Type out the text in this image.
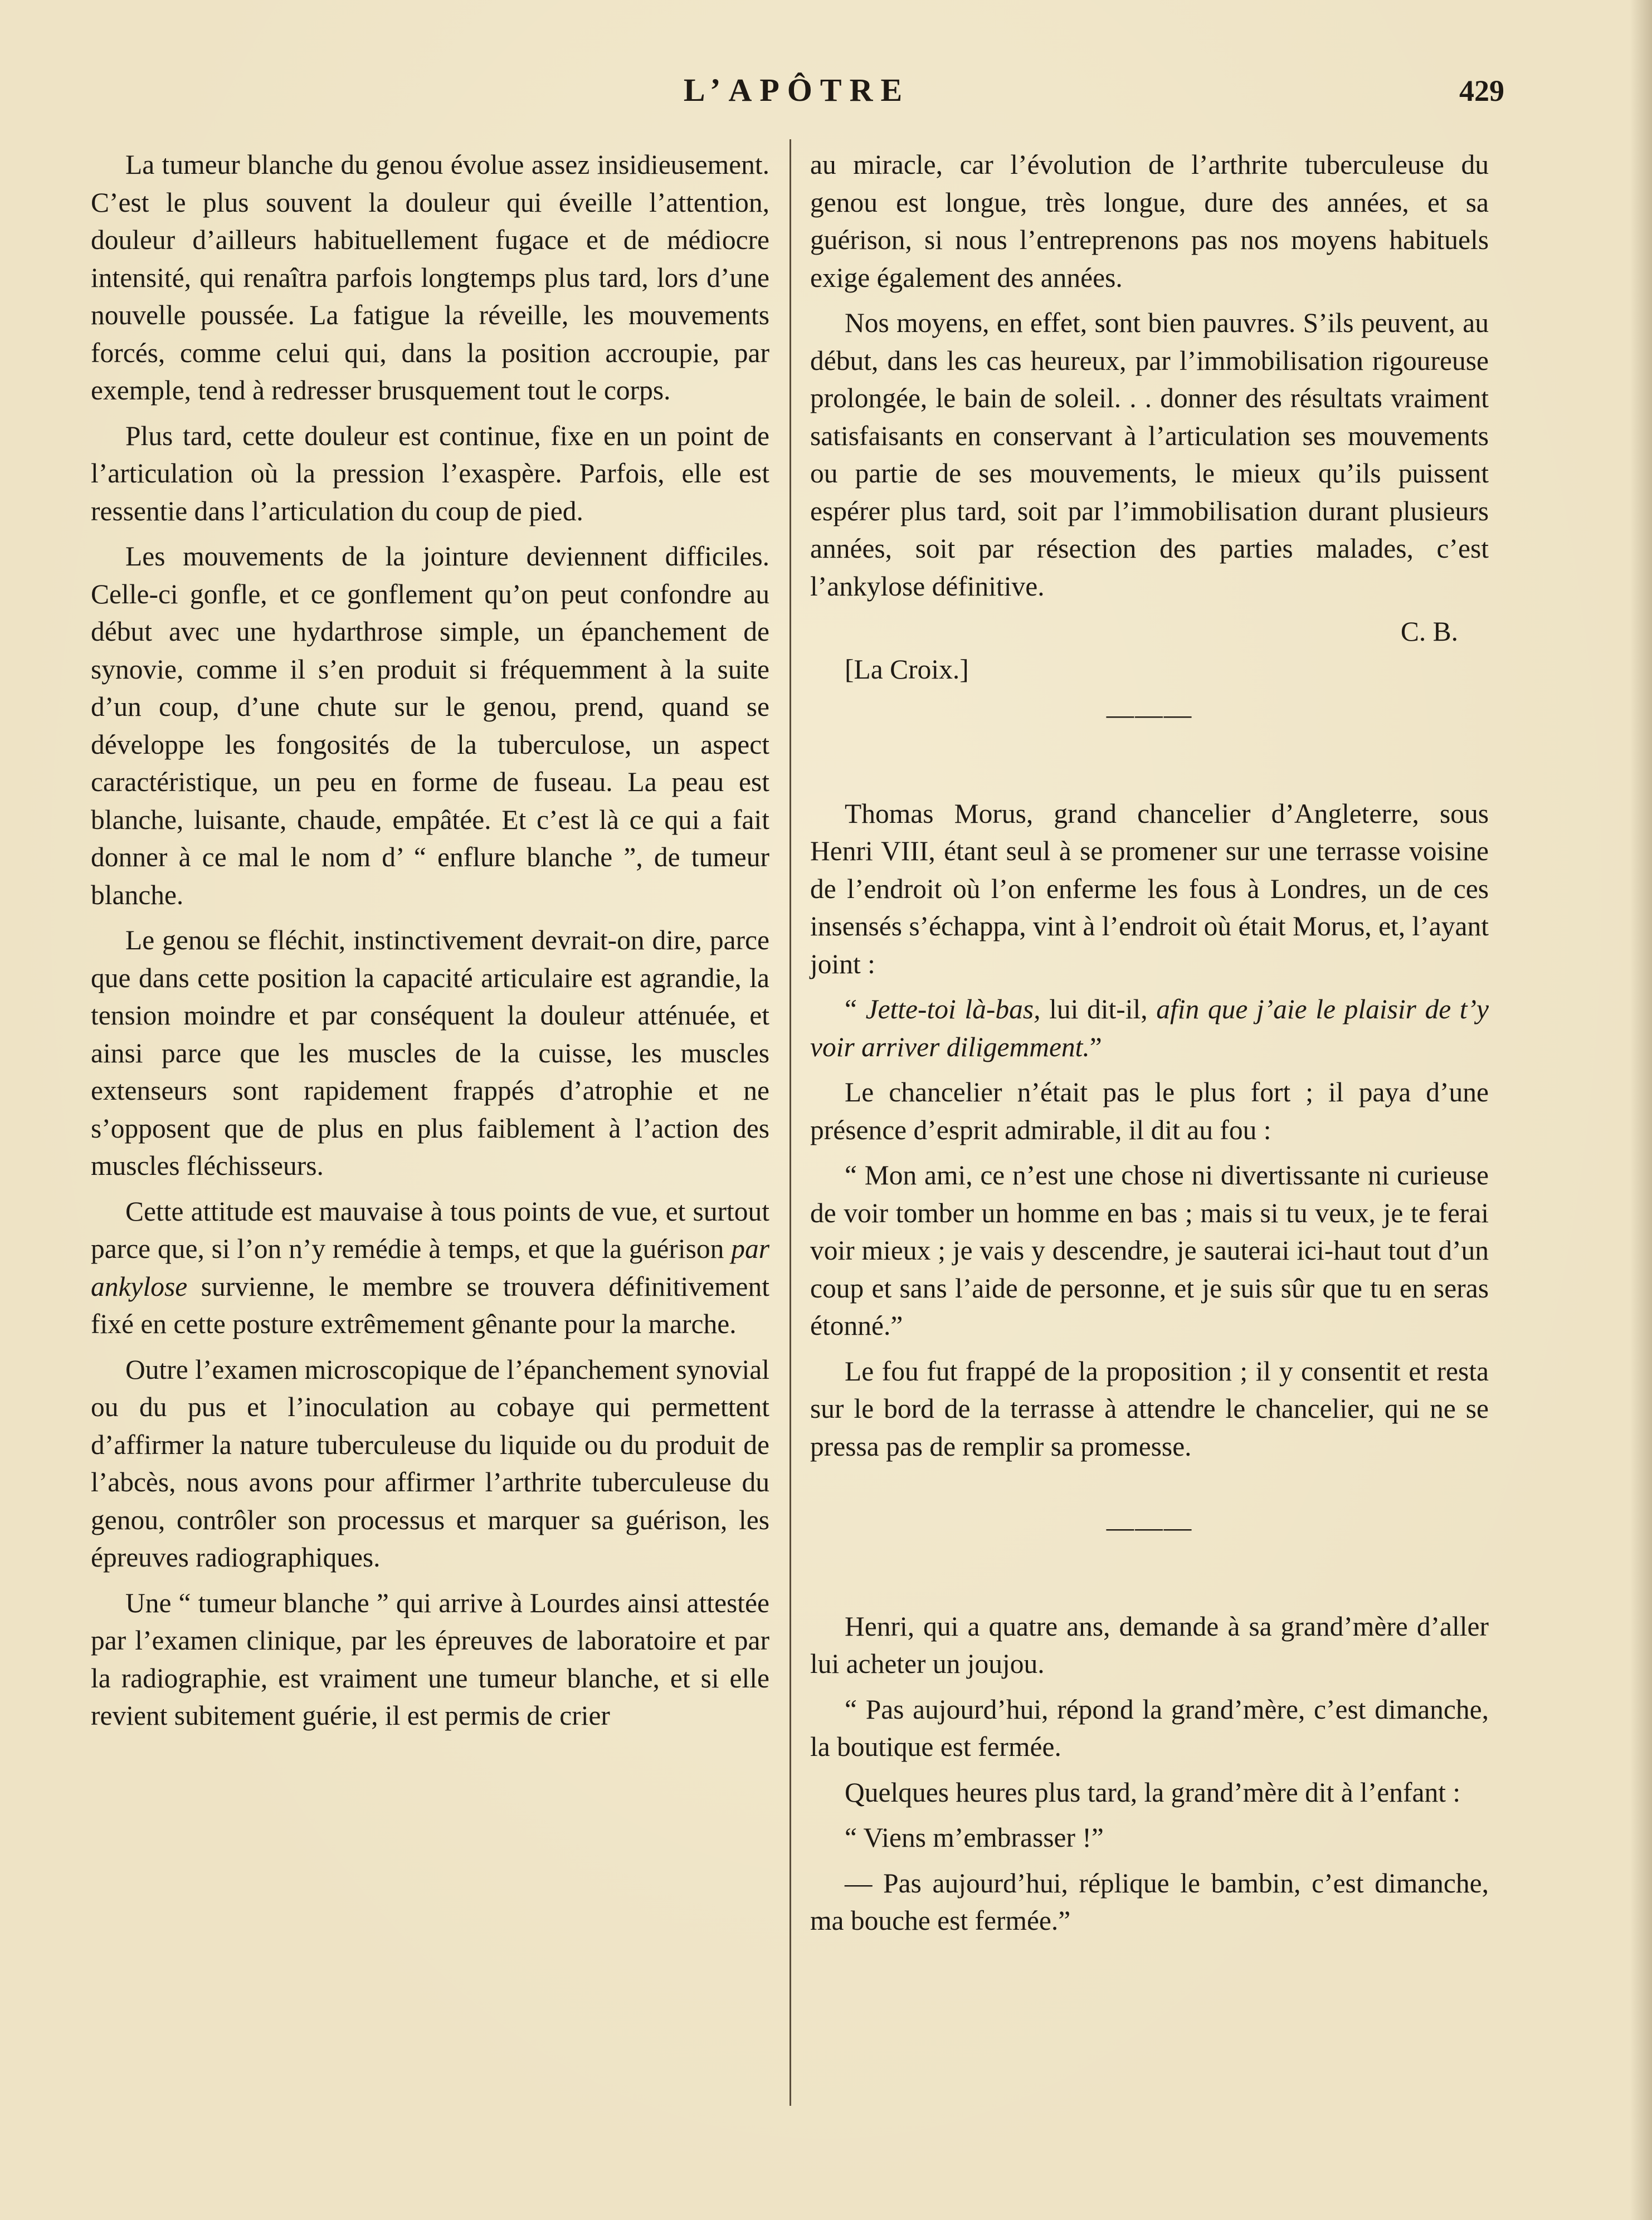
L’APÔTRE	429

La tumeur blanche du genou évolue assez insidieusement. C’est le plus souvent la douleur qui éveille l’attention, douleur d’ailleurs habituellement fugace et de médiocre intensité, qui renaîtra parfois longtemps plus tard, lors d’une nouvelle poussée. La fatigue la réveille, les mouvements forcés, comme celui qui, dans la position accroupie, par exemple, tend à redresser brusquement tout le corps.

Plus tard, cette douleur est continue, fixe en un point de l’articulation où la pression l’exaspère. Parfois, elle est ressentie dans l’articulation du coup de pied.

Les mouvements de la jointure deviennent difficiles. Celle-ci gonfle, et ce gonflement qu’on peut confondre au début avec une hydarthrose simple, un épanchement de synovie, comme il s’en produit si fréquemment à la suite d’un coup, d’une chute sur le genou, prend, quand se développe les fongosités de la tuberculose, un aspect caractéristique, un peu en forme de fuseau. La peau est blanche, luisante, chaude, empâtée. Et c’est là ce qui a fait donner à ce mal le nom d’ “ enflure blanche ”, de tumeur blanche.

Le genou se fléchit, instinctivement devrait-on dire, parce que dans cette position la capacité articulaire est agrandie, la tension moindre et par conséquent la douleur atténuée, et ainsi parce que les muscles de la cuisse, les muscles extenseurs sont rapidement frappés d’atrophie et ne s’opposent que de plus en plus faiblement à l’action des muscles fléchisseurs.

Cette attitude est mauvaise à tous points de vue, et surtout parce que, si l’on n’y remédie à temps, et que la guérison par ankylose survienne, le membre se trouvera définitivement fixé en cette posture extrêmement gênante pour la marche.

Outre l’examen microscopique de l’épanchement synovial ou du pus et l’inoculation au cobaye qui permettent d’affirmer la nature tuberculeuse du liquide ou du produit de l’abcès, nous avons pour affirmer l’arthrite tuberculeuse du genou, contrôler son processus et marquer sa guérison, les épreuves radiographiques.

Une “ tumeur blanche ” qui arrive à Lourdes ainsi attestée par l’examen clinique, par les épreuves de laboratoire et par la radiographie, est vraiment une tumeur blanche, et si elle revient subitement guérie, il est permis de crier

au miracle, car l’évolution de l’arthrite tuberculeuse du genou est longue, très longue, dure des années, et sa guérison, si nous l’entreprenons pas nos moyens habituels exige également des années.

Nos moyens, en effet, sont bien pauvres. S’ils peuvent, au début, dans les cas heureux, par l’immobilisation rigoureuse prolongée, le bain de soleil. . . donner des résultats vraiment satisfaisants en conservant à l’articulation ses mouvements ou partie de ses mouvements, le mieux qu’ils puissent espérer plus tard, soit par l’immobilisation durant plusieurs années, soit par résection des parties malades, c’est l’ankylose définitive.

C. B.

[La Croix.]

———

Thomas Morus, grand chancelier d’Angleterre, sous Henri VIII, étant seul à se promener sur une terrasse voisine de l’endroit où l’on enferme les fous à Londres, un de ces insensés s’échappa, vint à l’endroit où était Morus, et, l’ayant joint :

“ Jette-toi là-bas, lui dit-il, afin que j’aie le plaisir de t’y voir arriver diligemment.”

Le chancelier n’était pas le plus fort ; il paya d’une présence d’esprit admirable, il dit au fou :

“ Mon ami, ce n’est une chose ni divertissante ni curieuse de voir tomber un homme en bas ; mais si tu veux, je te ferai voir mieux ; je vais y descendre, je sauterai ici-haut tout d’un coup et sans l’aide de personne, et je suis sûr que tu en seras étonné.”

Le fou fut frappé de la proposition ; il y consentit et resta sur le bord de la terrasse à attendre le chancelier, qui ne se pressa pas de remplir sa promesse.

———

Henri, qui a quatre ans, demande à sa grand’mère d’aller lui acheter un joujou.

“ Pas aujourd’hui, répond la grand’mère, c’est dimanche, la boutique est fermée.

Quelques heures plus tard, la grand’mère dit à l’enfant :

“ Viens m’embrasser !”

— Pas aujourd’hui, réplique le bambin, c’est dimanche, ma bouche est fermée.”
